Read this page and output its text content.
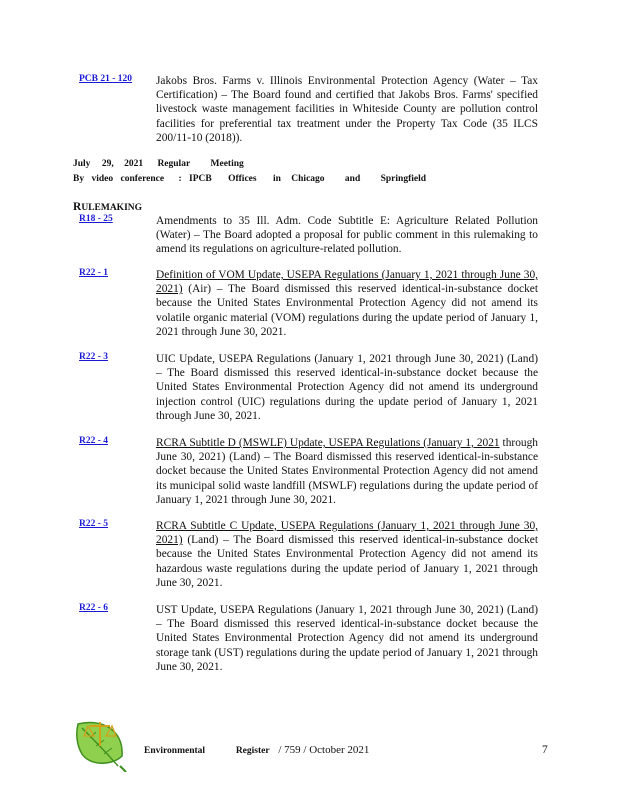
PCB 21 - 120 Jakobs Bros. Farms v. Illinois Environmental Protection Agency (Water – Tax Certification) – The Board found and certified that Jakobs Bros. Farms' specified livestock waste management facilities in Whiteside County are pollution control facilities for preferential tax treatment under the Property Tax Code (35 ILCS 200/11-10 (2018)).
July 29, 2021 Regular Meeting
By video conference : IPCB Offices in Chicago and Springfield
RULEMAKING
R18 - 25	Amendments to 35 Ill. Adm. Code Subtitle E: Agriculture Related Pollution (Water) – The Board adopted a proposal for public comment in this rulemaking to amend its regulations on agriculture-related pollution.
R22 - 1	Definition of VOM Update, USEPA Regulations (January 1, 2021 through June 30, 2021) (Air) – The Board dismissed this reserved identical-in-substance docket because the United States Environmental Protection Agency did not amend its volatile organic material (VOM) regulations during the update period of January 1, 2021 through June 30, 2021.
R22 - 3	UIC Update, USEPA Regulations (January 1, 2021 through June 30, 2021) (Land) – The Board dismissed this reserved identical-in-substance docket because the United States Environmental Protection Agency did not amend its underground injection control (UIC) regulations during the update period of January 1, 2021 through June 30, 2021.
R22 - 4	RCRA Subtitle D (MSWLF) Update, USEPA Regulations (January 1, 2021 through June 30, 2021) (Land) – The Board dismissed this reserved identical-in-substance docket because the United States Environmental Protection Agency did not amend its municipal solid waste landfill (MSWLF) regulations during the update period of January 1, 2021 through June 30, 2021.
R22 - 5	RCRA Subtitle C Update, USEPA Regulations (January 1, 2021 through June 30, 2021) (Land) – The Board dismissed this reserved identical-in-substance docket because the United States Environmental Protection Agency did not amend its hazardous waste regulations during the update period of January 1, 2021 through June 30, 2021.
R22 - 6	UST Update, USEPA Regulations (January 1, 2021 through June 30, 2021) (Land) – The Board dismissed this reserved identical-in-substance docket because the United States Environmental Protection Agency did not amend its underground storage tank (UST) regulations during the update period of January 1, 2021 through June 30, 2021.
Environmental	Register / 759 / October 2021	7
